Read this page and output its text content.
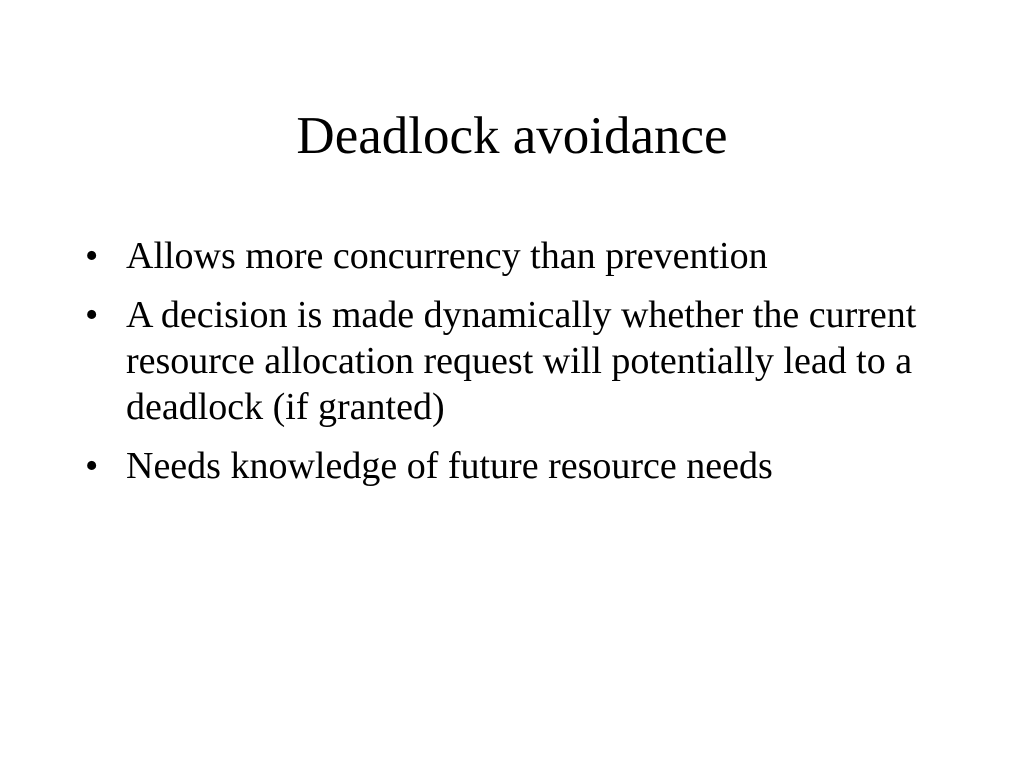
Deadlock avoidance
• Allows more concurrency than prevention
• A decision is made dynamically whether the current resource allocation request will potentially lead to a deadlock (if granted)
• Needs knowledge of future resource needs
